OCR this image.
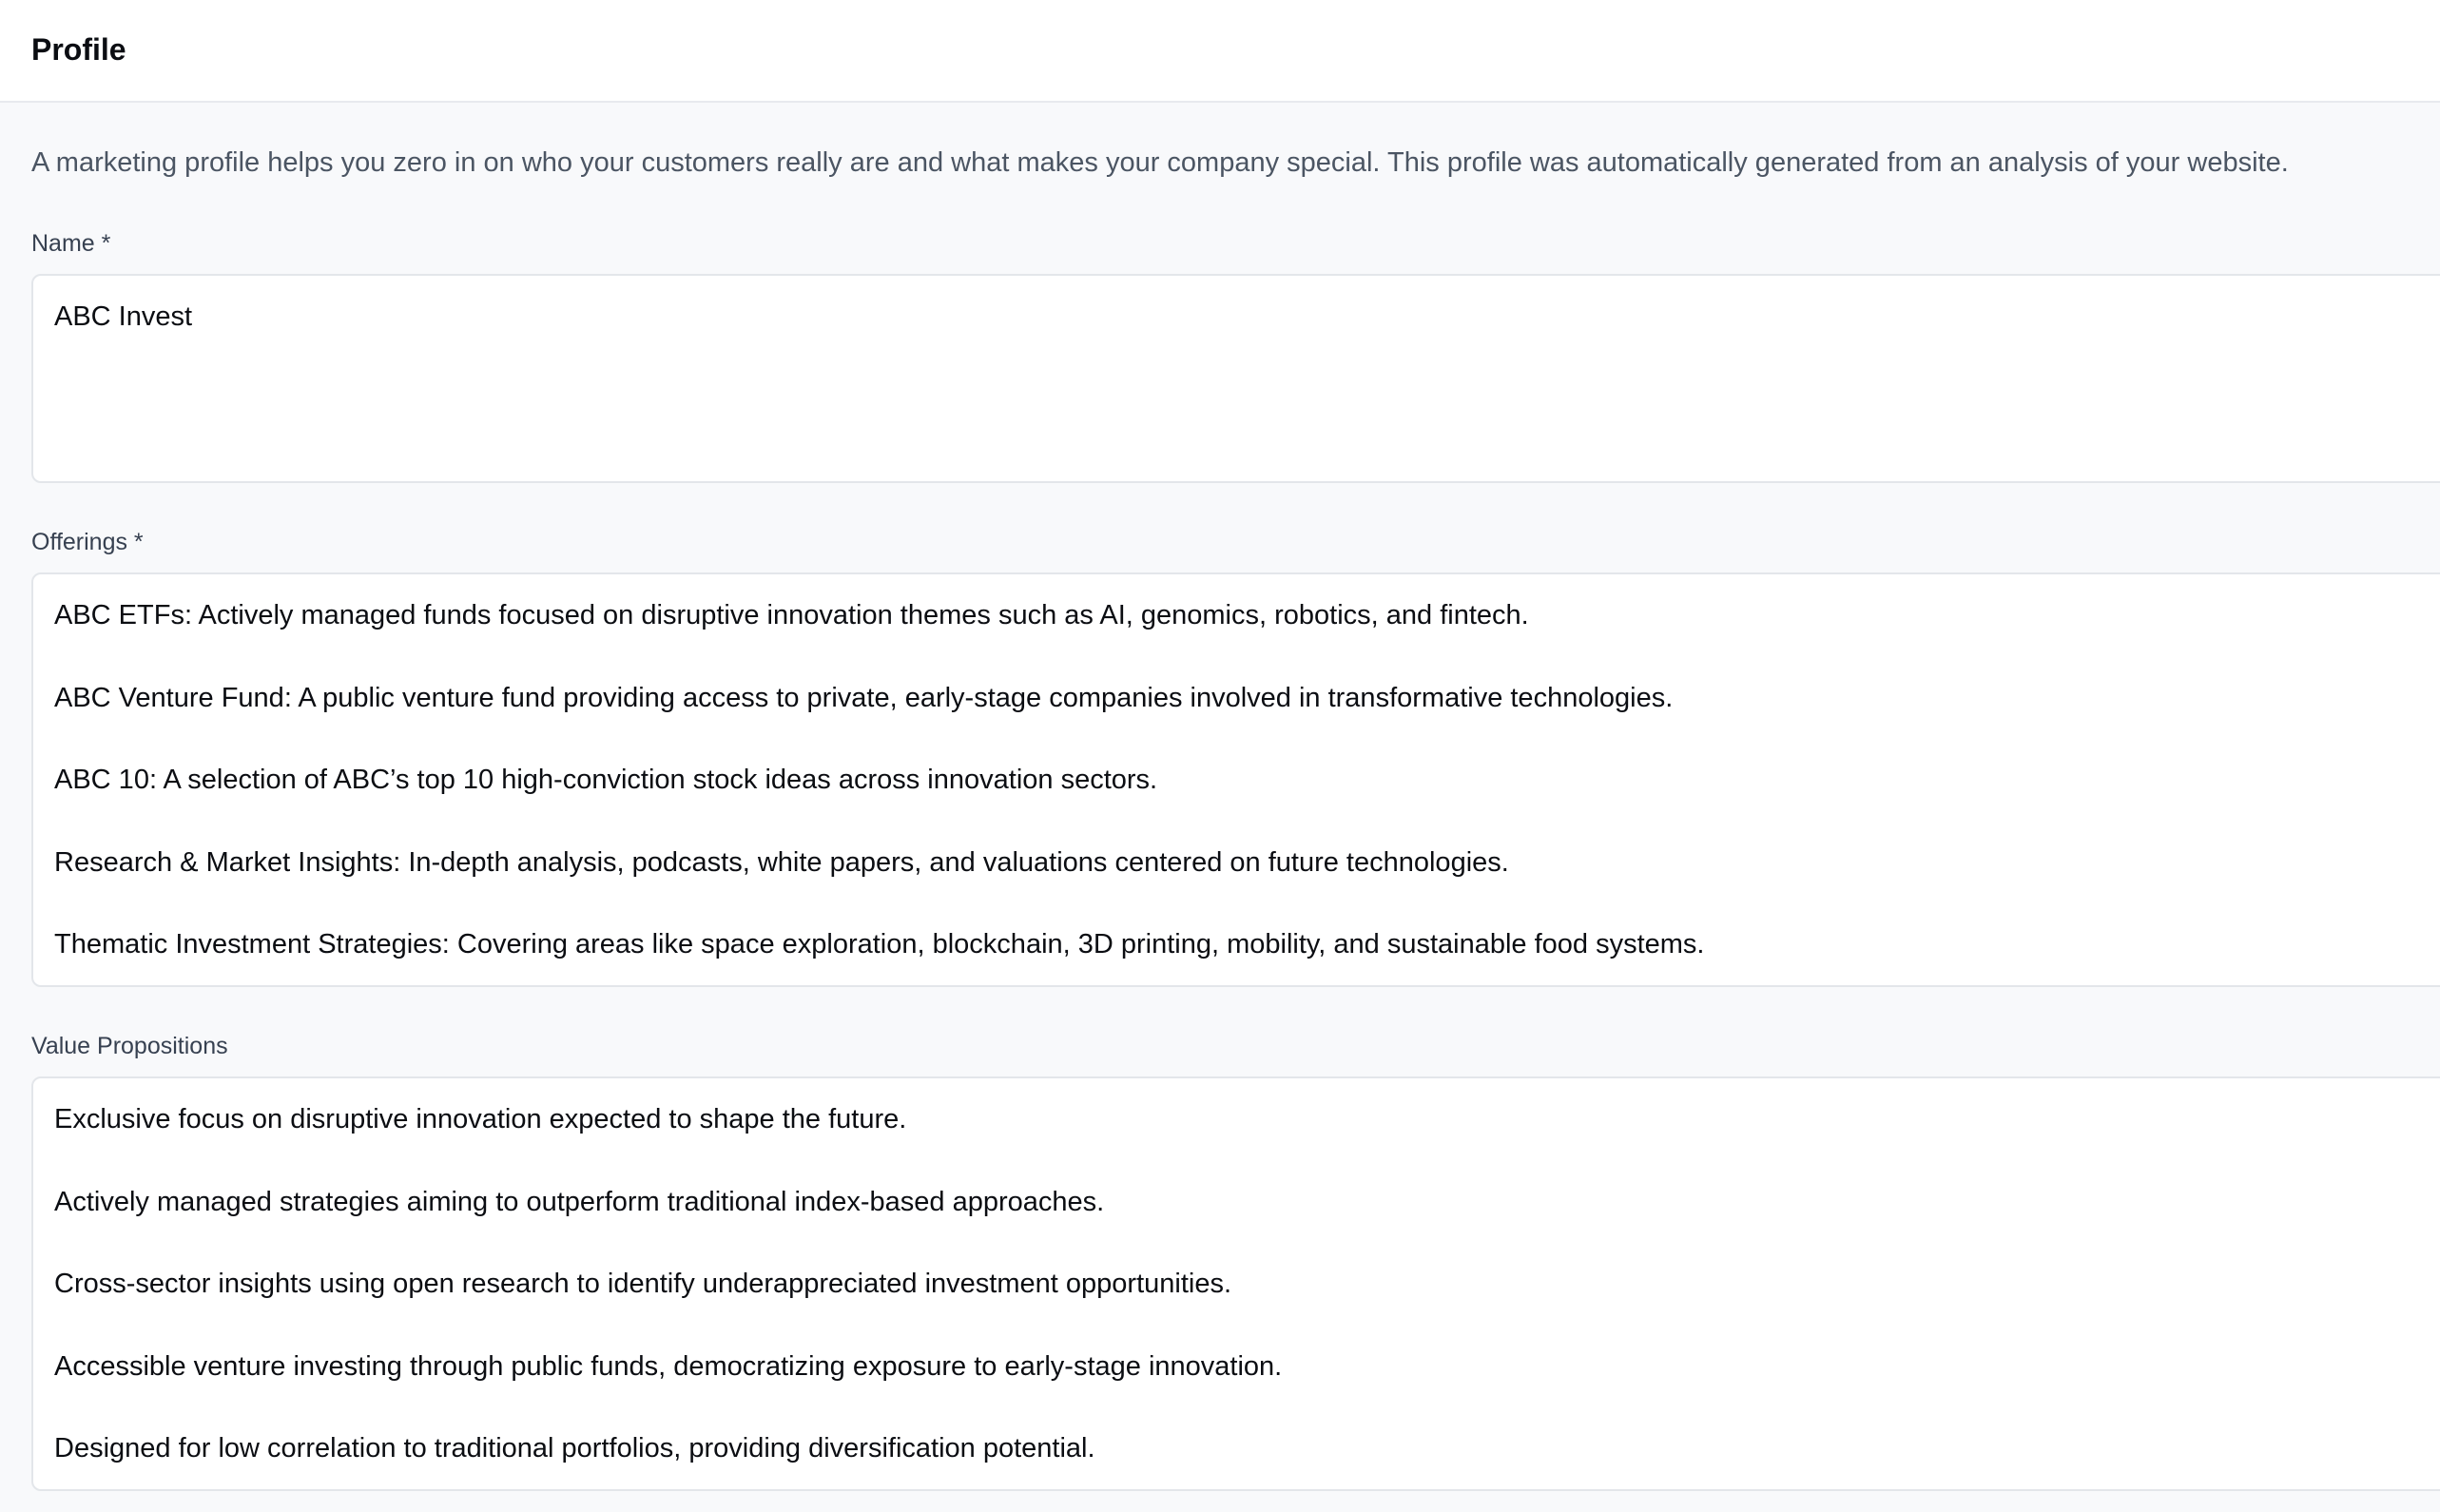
Profile

A marketing profile helps you zero in on who your customers really are and what makes your company special. This profile was automatically generated from an analysis of your website.

Name *

ABC Invest

Offerings *
ABC ETFs: Actively managed funds focused on disruptive innovation themes such as AI, genomics, robotics, and fintech.
ABC Venture Fund: A public venture fund providing access to private, early-stage companies involved in transformative technologies.
ABC 10: A selection of ABC’s top 10 high-conviction stock ideas across innovation sectors.
Research & Market Insights: In-depth analysis, podcasts, white papers, and valuations centered on future technologies.
Thematic Investment Strategies: Covering areas like space exploration, blockchain, 3D printing, mobility, and sustainable food systems.
Value Propositions
Exclusive focus on disruptive innovation expected to shape the future.
Actively managed strategies aiming to outperform traditional index-based approaches.
Cross-sector insights using open research to identify underappreciated investment opportunities.
Accessible venture investing through public funds, democratizing exposure to early-stage innovation.
Designed for low correlation to traditional portfolios, providing diversification potential.
